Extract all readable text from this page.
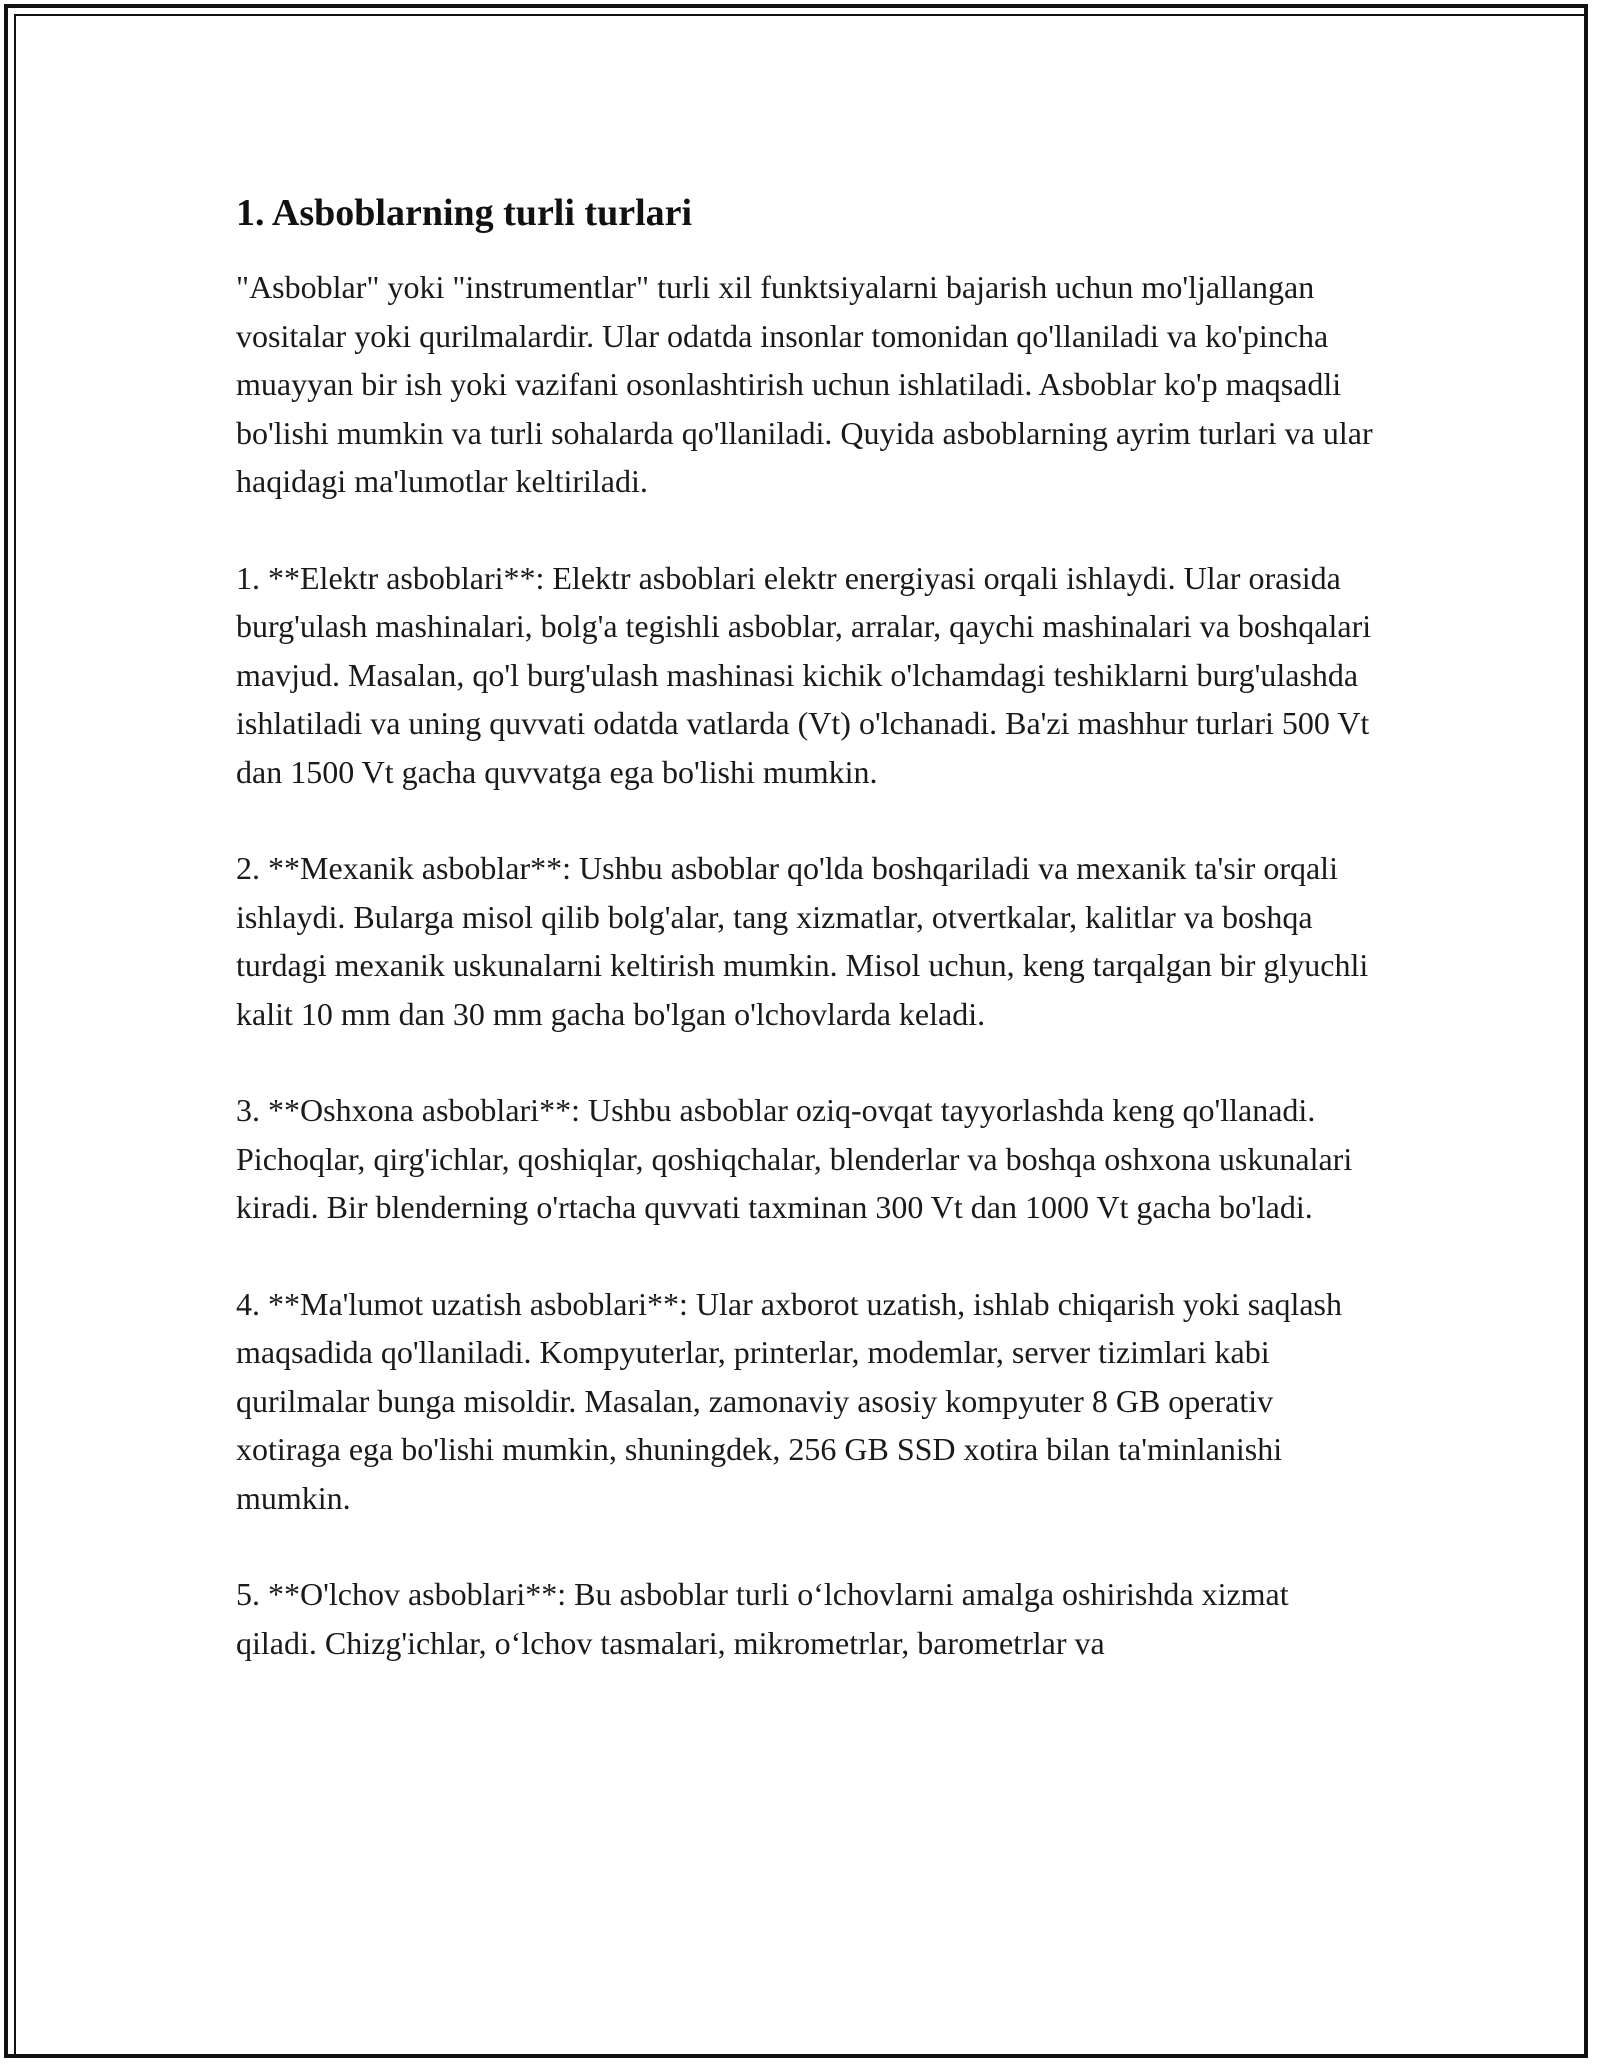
1. Asboblarning turli turlari

"Asboblar" yoki "instrumentlar" turli xil funktsiyalarni bajarish uchun mo'ljallangan vositalar yoki qurilmalardir. Ular odatda insonlar tomonidan qo'llaniladi va ko'pincha muayyan bir ish yoki vazifani osonlashtirish uchun ishlatiladi. Asboblar ko'p maqsadli bo'lishi mumkin va turli sohalarda qo'llaniladi. Quyida asboblarning ayrim turlari va ular haqidagi ma'lumotlar keltiriladi.

1. **Elektr asboblari**: Elektr asboblari elektr energiyasi orqali ishlaydi. Ular orasida burg'ulash mashinalari, bolg'a tegishli asboblar, arralar, qaychi mashinalari va boshqalari mavjud. Masalan, qo'l burg'ulash mashinasi kichik o'lchamdagi teshiklarni burg'ulashda ishlatiladi va uning quvvati odatda vatlarda (Vt) o'lchanadi. Ba'zi mashhur turlari 500 Vt dan 1500 Vt gacha quvvatga ega bo'lishi mumkin.

2. **Mexanik asboblar**: Ushbu asboblar qo'lda boshqariladi va mexanik ta'sir orqali ishlaydi. Bularga misol qilib bolg'alar, tang xizmatlar, otvertkalar, kalitlar va boshqa turdagi mexanik uskunalarni keltirish mumkin. Misol uchun, keng tarqalgan bir glyuchli kalit 10 mm dan 30 mm gacha bo'lgan o'lchovlarda keladi.

3. **Oshxona asboblari**: Ushbu asboblar oziq-ovqat tayyorlashda keng qo'llanadi. Pichoqlar, qirg'ichlar, qoshiqlar, qoshiqchalar, blenderlar va boshqa oshxona uskunalari kiradi. Bir blenderning o'rtacha quvvati taxminan 300 Vt dan 1000 Vt gacha bo'ladi.

4. **Ma'lumot uzatish asboblari**: Ular axborot uzatish, ishlab chiqarish yoki saqlash maqsadida qo'llaniladi. Kompyuterlar, printerlar, modemlar, server tizimlari kabi qurilmalar bunga misoldir. Masalan, zamonaviy asosiy kompyuter 8 GB operativ xotiraga ega bo'lishi mumkin, shuningdek, 256 GB SSD xotira bilan ta'minlanishi mumkin.

5. **O'lchov asboblari**: Bu asboblar turli o‘lchovlarni amalga oshirishda xizmat qiladi. Chizg'ichlar, o‘lchov tasmalari, mikrometrlar, barometrlar va
